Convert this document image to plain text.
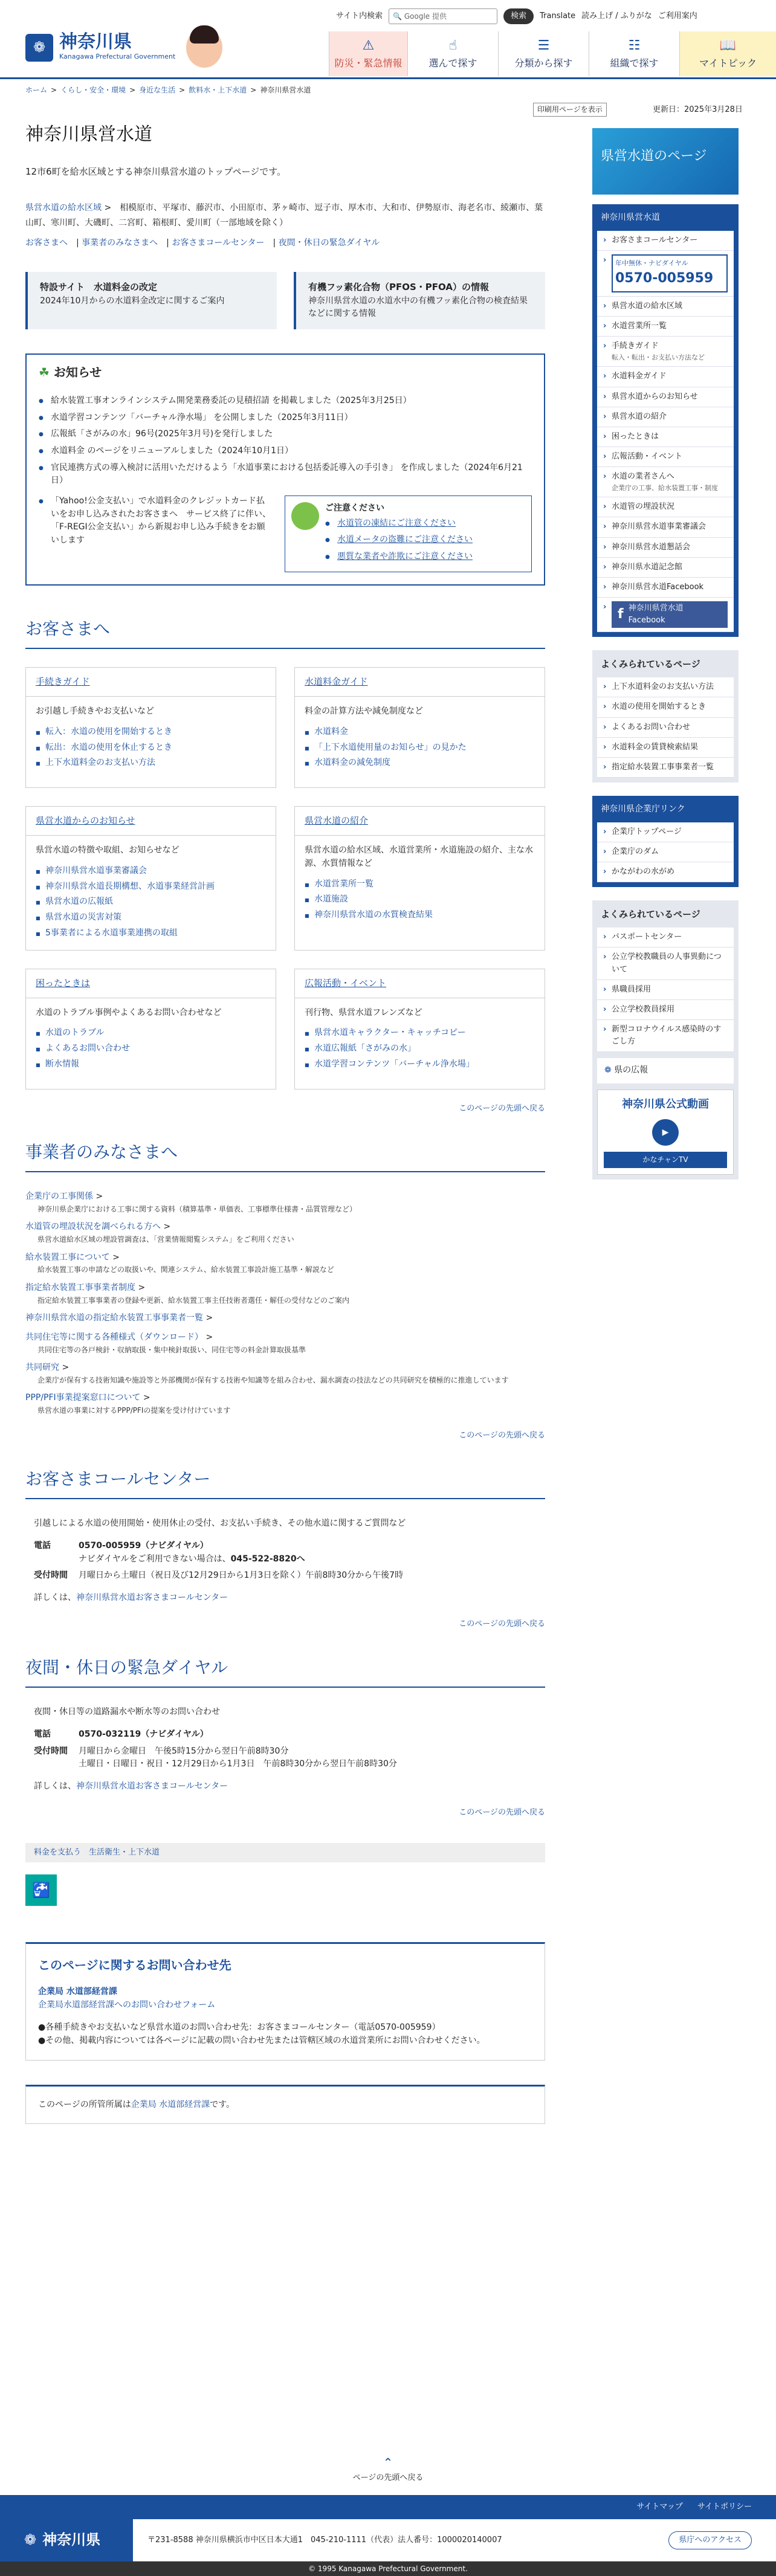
サイト内検索 🔍
Google 提供	検索	Translate 読み上げ / ふりがな ご利用案内
❁ 神奈川県
Kanagawa Prefectural Government
⚠
防災・緊急情報
☝
選んで探す
☰
分類から探す
☷
組織で探す
📖
マイトピック
ホーム > くらし・安全・環境 > 身近な生活 > 飲料水・上下水道 > 神奈川県営水道
印刷用ページを表示	更新日：2025年3月28日
神奈川県営水道

12市6町を給水区域とする神奈川県営水道のトップページです。

県営水道の給水区域 >　相模原市、平塚市、藤沢市、小田原市、茅ヶ崎市、逗子市、厚木市、大和市、伊勢原市、海老名市、綾瀬市、葉山町、寒川町、大磯町、二宮町、箱根町、愛川町（一部地域を除く）

お客さまへ | 事業者のみなさまへ | お客さまコールセンター | 夜間・休日の緊急ダイヤル

特設サイト　水道料金の改定

2024年10月からの水道料金改定に関するご案内

有機フッ素化合物（PFOS・PFOA）の情報

神奈川県営水道の水道水中の有機フッ素化合物の検査結果などに関する情報

☘ お知らせ
● 給水装置工事オンラインシステム開発業務委託の見積招請 を掲載しました（2025年3月25日）
● 水道学習コンテンツ「バーチャル浄水場」 を公開しました（2025年3月11日）
● 広報紙「さがみの水」96号(2025年3月号)を発行しました
● 水道料金 のページをリニューアルしました（2024年10月1日）
● 官民連携方式の導入検討に活用いただけるよう「水道事業における包括委託導入の手引き」 を作成しました（2024年6月21日）
● 「Yahoo!公金支払い」で水道料金のクレジットカード払いをお申し込みされたお客さまへ　サービス終了に伴い、「F-REGI公金支払い」から新規お申し込み手続きをお願いします
ご注意ください
● 水道管の凍結にご注意ください
● 水道メータの盗難にご注意ください
● 悪質な業者や詐欺にご注意ください
お客さまへ
手続きガイド

お引越し手続きやお支払いなど

■ 転入：水道の使用を開始するとき
■ 転出：水道の使用を休止するとき
■ 上下水道料金のお支払い方法
水道料金ガイド

料金の計算方法や減免制度など

■ 水道料金
■ 「上下水道使用量のお知らせ」の見かた
■ 水道料金の減免制度
県営水道からのお知らせ

県営水道の特徴や取組、お知らせなど

■ 神奈川県営水道事業審議会
■ 神奈川県営水道長期構想、水道事業経営計画
■ 県営水道の広報紙
■ 県営水道の災害対策
■ 5事業者による水道事業連携の取組
県営水道の紹介

県営水道の給水区域、水道営業所・水道施設の紹介、主な水源、水質情報など

■ 水道営業所一覧
■ 水道施設
■ 神奈川県営水道の水質検査結果
困ったときは

水道のトラブル事例やよくあるお問い合わせなど

■ 水道のトラブル
■ よくあるお問い合わせ
■ 断水情報
広報活動・イベント

刊行物、県営水道フレンズなど

■ 県営水道キャラクター・キャッチコピー
■ 水道広報紙「さがみの水」
■ 水道学習コンテンツ「バーチャル浄水場」
このページの先頭へ戻る
事業者のみなさまへ
企業庁の工事関係 >

神奈川県企業庁における工事に関する資料（積算基準・単価表、工事標準仕様書・品質管理など）

水道管の埋設状況を調べられる方へ >

県営水道給水区域の埋設管調査は、「営業情報閲覧システム」をご利用ください

給水装置工事について >

給水装置工事の申請などの取扱いや、関連システム、給水装置工事設計施工基準・解説など

指定給水装置工事事業者制度 >

指定給水装置工事事業者の登録や更新、給水装置工事主任技術者選任・解任の受付などのご案内

神奈川県営水道の指定給水装置工事事業者一覧 >

共同住宅等に関する各種様式（ダウンロード） >

共同住宅等の各戸検針・収納取扱・集中検針取扱い、同住宅等の料金計算取扱基準

共同研究 >

企業庁が保有する技術知識や施設等と外部機関が保有する技術や知識等を組み合わせ、漏水調査の技法などの共同研究を積極的に推進しています

PPP/PFI事業提案窓口について >

県営水道の事業に対するPPP/PFIの提案を受け付けています

このページの先頭へ戻る
お客さまコールセンター

引越しによる水道の使用開始・使用休止の受付、お支払い手続き、その他水道に関するご質問など

電話	0570-005959（ナビダイヤル）
ナビダイヤルをご利用できない場合は、045-522-8820へ
受付時間	月曜日から土曜日（祝日及び12月29日から1月3日を除く）午前8時30分から午後7時

詳しくは、神奈川県営水道お客さまコールセンター

このページの先頭へ戻る
夜間・休日の緊急ダイヤル

夜間・休日等の道路漏水や断水等のお問い合わせ

電話	0570-032119（ナビダイヤル）
受付時間	月曜日から金曜日　午後5時15分から翌日午前8時30分
土曜日・日曜日・祝日・12月29日から1月3日　午前8時30分から翌日午前8時30分

詳しくは、神奈川県営水道お客さまコールセンター

このページの先頭へ戻る
料金を支払う　 生活衛生・上下水道
🚰
このページに関するお問い合わせ先

企業局 水道部経営課

企業局水道部経営課へのお問い合わせフォーム

●各種手続きやお支払いなど県営水道のお問い合わせ先：お客さまコールセンター（電話0570-005959）

●その他、掲載内容については各ページに記載の問い合わせ先または管轄区域の水道営業所にお問い合わせください。

このページの所管所属は企業局 水道部経営課です。
県営水道のページ
神奈川県営水道
› お客さまコールセンター
› 年中無休・ナビダイヤル
0570-005959
› 県営水道の給水区域
› 水道営業所一覧
› 手続きガイド
転入・転出・お支払い方法など
› 水道料金ガイド
› 県営水道からのお知らせ
› 県営水道の紹介
› 困ったときは
› 広報活動・イベント
› 水道の業者さんへ
企業庁の工事、給水装置工事・制度
› 水道管の埋設状況
› 神奈川県営水道事業審議会
› 神奈川県営水道懇話会
› 神奈川県水道記念館
› 神奈川県営水道Facebook
› f 神奈川県営水道 Facebook
よくみられているページ
› 上下水道料金のお支払い方法
› 水道の使用を開始するとき
› よくあるお問い合わせ
› 水道料金の賃貸検索結果
› 指定給水装置工事事業者一覧
神奈川県企業庁リンク
› 企業庁トップページ
› 企業庁のダム
› かながわの水がめ
よくみられているページ
› パスポートセンター
› 公立学校教職員の人事異動について
› 県職員採用
› 公立学校教員採用
› 新型コロナウイルス感染時のすごし方
❁ 県の広報
神奈川県公式動画
▶
かなチャンTV
⌃
ページの先頭へ戻る
サイトマップ サイトポリシー
❁ 神奈川県	〒231-8588 神奈川県横浜市中区日本大通1　045-210-1111（代表）法人番号：1000020140007	県庁へのアクセス
© 1995 Kanagawa Prefectural Government.
